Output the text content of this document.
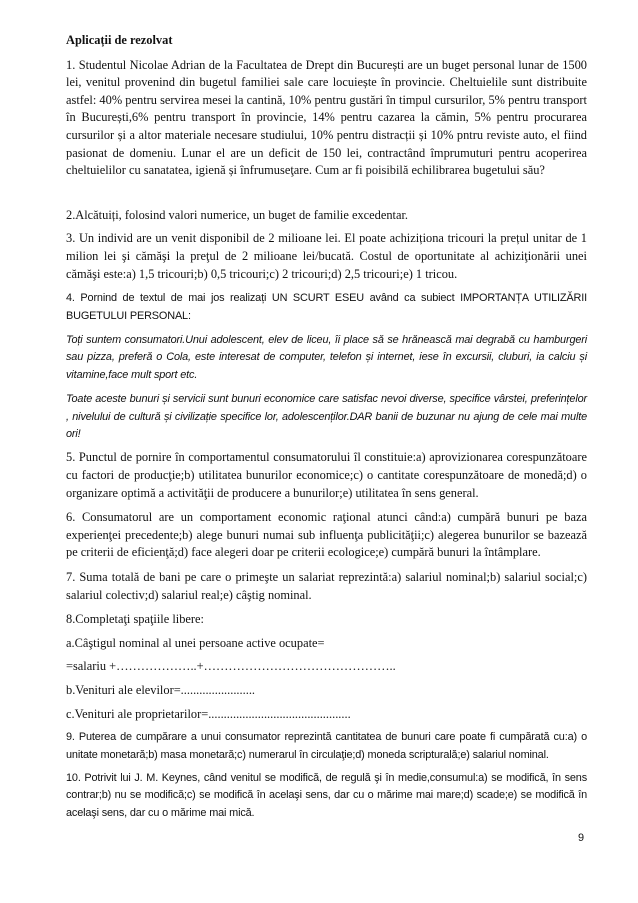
Aplicații de rezolvat

1. Studentul Nicolae Adrian de la Facultatea de Drept din București are un buget personal lunar de 1500 lei, venitul provenind din bugetul familiei sale care locuiește în provincie. Cheltuielile sunt distribuite astfel: 40% pentru servirea mesei la cantină, 10% pentru gustări în timpul cursurilor, 5% pentru transport în București,6% pentru transport în provincie, 14% pentru cazarea la cămin, 5% pentru procurarea cursurilor și a altor materiale necesare studiului, 10% pentru distracții și 10% pntru reviste auto, el fiind pasionat de domeniu. Lunar el are un deficit de 150 lei, contractând împrumuturi pentru acoperirea cheltuielilor cu sanatatea, igienă și înfrumuseţare. Cum ar fi poisibilă echilibrarea bugetului său?

2.Alcătuiți, folosind valori numerice, un buget de familie excedentar.

3. Un individ are un venit disponibil de 2 milioane lei. El poate achiziționa tricouri la prețul unitar de 1 milion lei şi cămăşi la preţul de 2 milioane lei/bucată. Costul de oportunitate al achiziţionării unei cămăşi este:a) 1,5 tricouri;b) 0,5 tricouri;c) 2 tricouri;d) 2,5 tricouri;e) 1 tricou.

4. Pornind de textul de mai jos realizați UN SCURT ESEU având ca subiect IMPORTANȚA UTILIZĂRII BUGETULUI PERSONAL:

Toți suntem consumatori.Unui adolescent, elev de liceu, îi place să se hrănească mai degrabă cu hamburgeri sau pizza, preferă o Cola, este interesat de computer, telefon și internet, iese în excursii, cluburi, ia calciu și vitamine,face mult sport etc.

Toate aceste bunuri și servicii sunt bunuri economice care satisfac nevoi diverse, specifice vârstei, preferințelor , nivelului de cultură și civilizație specifice lor, adolescenților.DAR banii de buzunar nu ajung de cele mai multe ori!

5. Punctul de pornire în comportamentul consumatorului îl constituie:a) aprovizionarea corespunzătoare cu factori de producţie;b) utilitatea bunurilor economice;c) o cantitate corespunzătoare de monedă;d) o organizare optimă a activităţii de producere a bunurilor;e) utilitatea în sens general.

6. Consumatorul are un comportament economic raţional atunci când:a) cumpără bunuri pe baza experienţei precedente;b) alege bunuri numai sub influenţa publicităţii;c) alegerea bunurilor se bazează pe criterii de eficienţă;d) face alegeri doar pe criterii ecologice;e) cumpără bunuri la întâmplare.

7. Suma totală de bani pe care o primeşte un salariat reprezintă:a) salariul nominal;b) salariul social;c) salariul colectiv;d) salariul real;e) câştig nominal.

8.Completaţi spaţiile libere:

a.Câştigul nominal al unei persoane active ocupate=

=salariu +………………..+………………………………………..

b.Venituri ale elevilor=........................

c.Venituri ale proprietarilor=..............................................

9. Puterea de cumpărare a unui consumator reprezintă cantitatea de bunuri care poate fi cumpărată cu:a) o unitate monetară;b) masa monetară;c) numerarul în circulaţie;d) moneda scripturală;e) salariul nominal.

10. Potrivit lui J. M. Keynes, când venitul se modifică, de regulă şi în medie,consumul:a) se modifică, în sens contrar;b) nu se modifică;c) se modifică în acelaşi sens, dar cu o mărime mai mare;d) scade;e) se modifică în acelaşi sens, dar cu o mărime mai mică.

9
